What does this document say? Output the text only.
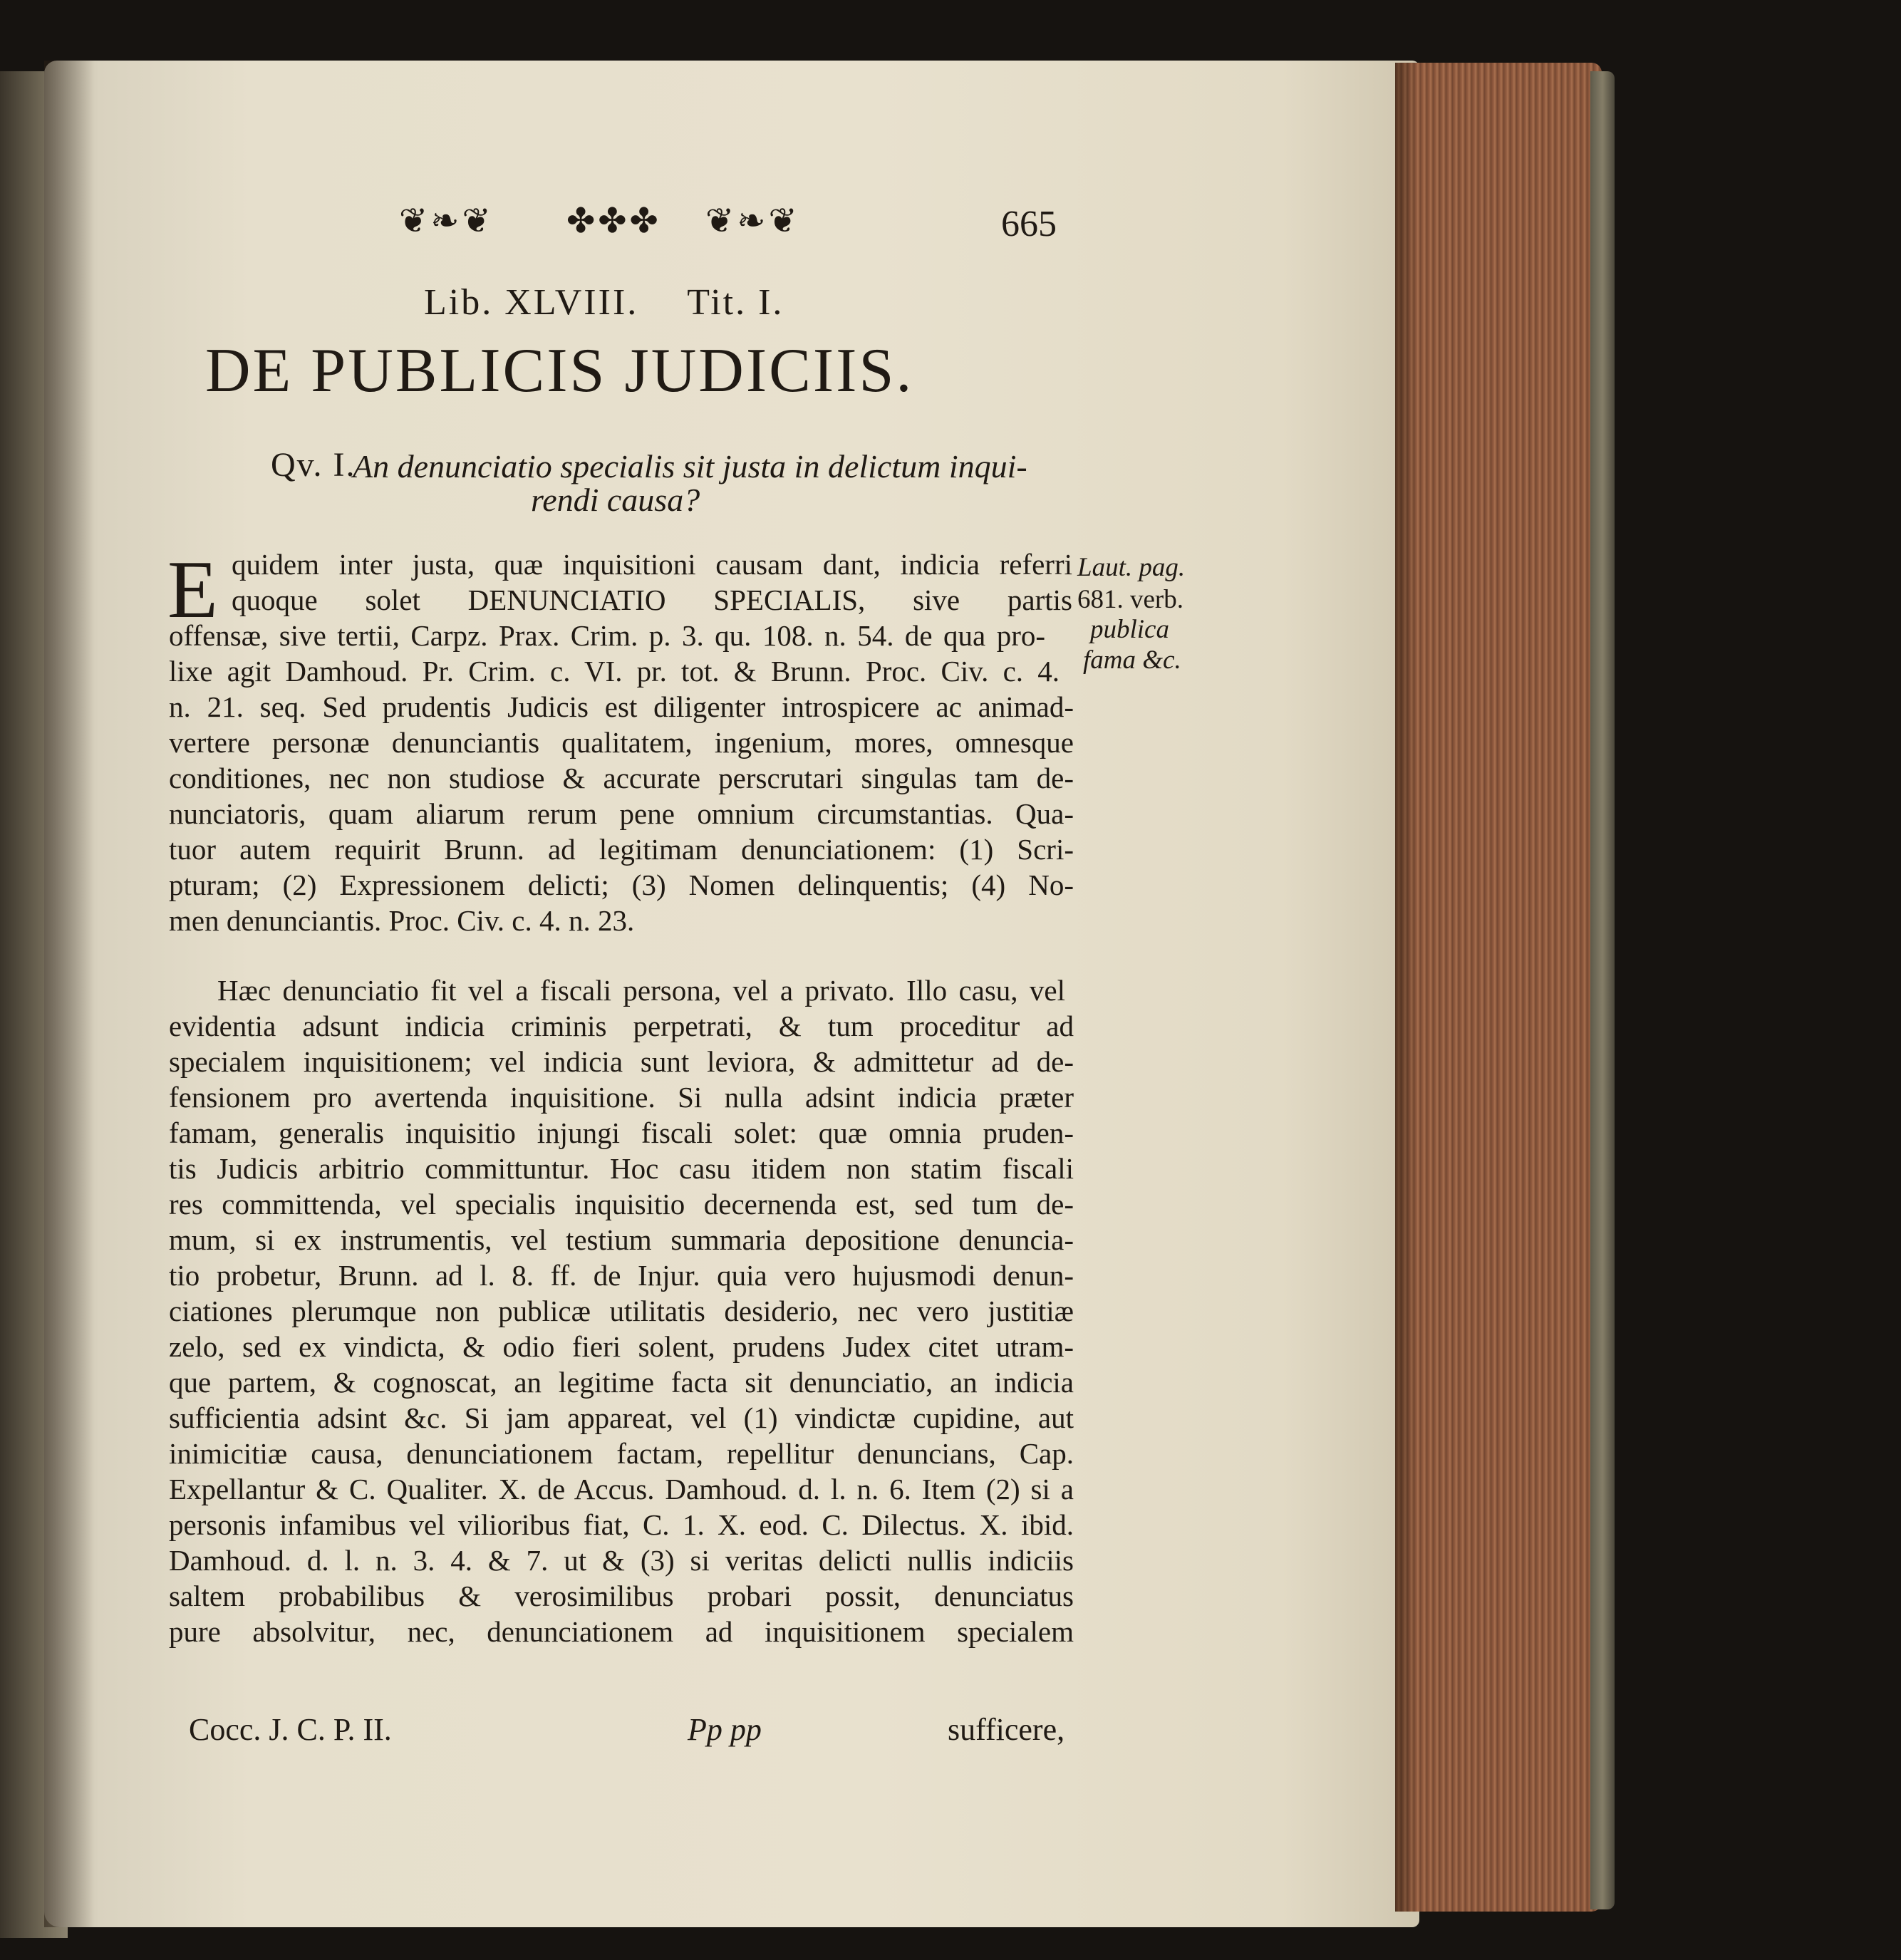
❦❧❦ ✤✤✤ ❦❧❦	665
Lib. XLVIII. Tit. I.
DE PUBLICIS JUDICIIS.
Qv. I.
An denunciatio specialis sit justa in delictum inqui-
rendi causa?
E quidem inter justa, quæ inquisitioni causam dant, indicia referri
quoque solet DENUNCIATIO SPECIALIS, sive partis
offensæ, sive tertii, Carpz. Prax. Crim. p. 3. qu. 108. n. 54. de qua pro-
lixe agit Damhoud. Pr. Crim. c. VI. pr. tot. & Brunn. Proc. Civ. c. 4.
n. 21. seq. Sed prudentis Judicis est diligenter introspicere ac animad-
vertere personæ denunciantis qualitatem, ingenium, mores, omnesque
conditiones, nec non studiose & accurate perscrutari singulas tam de-
nunciatoris, quam aliarum rerum pene omnium circumstantias. Qua-
tuor autem requirit Brunn. ad legitimam denunciationem: (1) Scri-
pturam; (2) Expressionem delicti; (3) Nomen delinquentis; (4) No-
men denunciantis. Proc. Civ. c. 4. n. 23.
Laut. pag.
681. verb.
publica
fama &c.
Hæc denunciatio fit vel a fiscali persona, vel a privato. Illo casu, vel
evidentia adsunt indicia criminis perpetrati, & tum proceditur ad
specialem inquisitionem; vel indicia sunt leviora, & admittetur ad de-
fensionem pro avertenda inquisitione. Si nulla adsint indicia præter
famam, generalis inquisitio injungi fiscali solet: quæ omnia pruden-
tis Judicis arbitrio committuntur. Hoc casu itidem non statim fiscali
res committenda, vel specialis inquisitio decernenda est, sed tum de-
mum, si ex instrumentis, vel testium summaria depositione denuncia-
tio probetur, Brunn. ad l. 8. ff. de Injur. quia vero hujusmodi denun-
ciationes plerumque non publicæ utilitatis desiderio, nec vero justitiæ
zelo, sed ex vindicta, & odio fieri solent, prudens Judex citet utram-
que partem, & cognoscat, an legitime facta sit denunciatio, an indicia
sufficientia adsint &c. Si jam appareat, vel (1) vindictæ cupidine, aut
inimicitiæ causa, denunciationem factam, repellitur denuncians, Cap.
Expellantur & C. Qualiter. X. de Accus. Damhoud. d. l. n. 6. Item (2) si a
personis infamibus vel vilioribus fiat, C. 1. X. eod. C. Dilectus. X. ibid.
Damhoud. d. l. n. 3. 4. & 7. ut & (3) si veritas delicti nullis indiciis
saltem probabilibus & verosimilibus probari possit, denunciatus
pure absolvitur, nec, denunciationem ad inquisitionem specialem
Cocc. J. C. P. II.	Pp pp	sufficere,
